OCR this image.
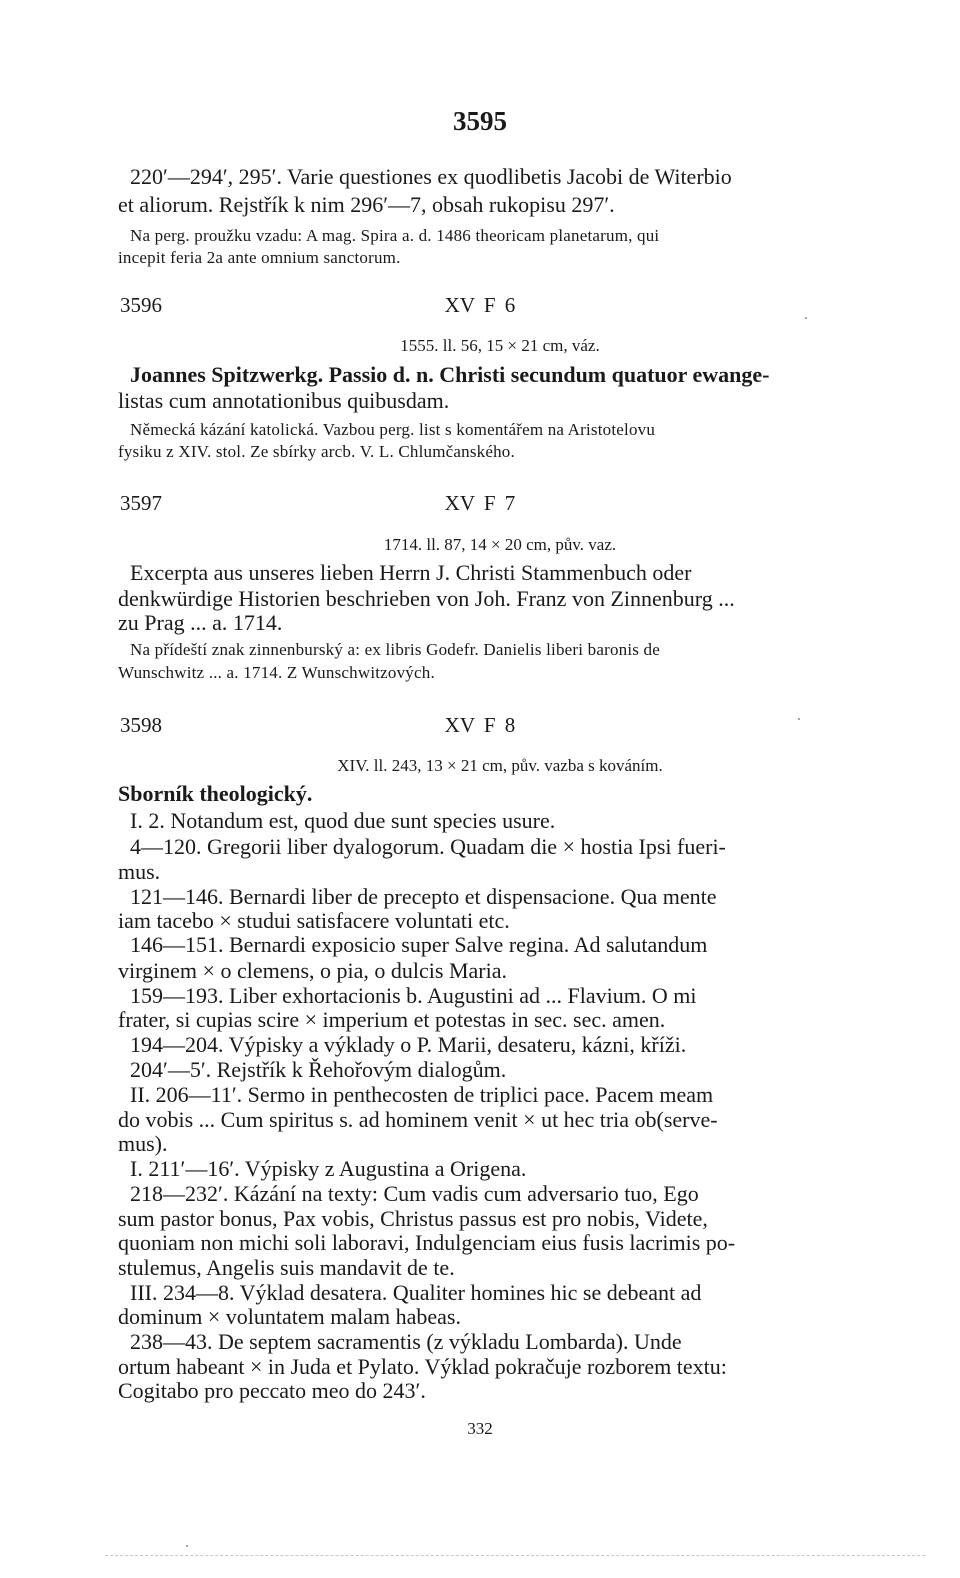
3595
220′—294′, 295′. Varie questiones ex quodlibetis Jacobi de Witerbio
et aliorum. Rejstřík k nim 296′—7, obsah rukopisu 297′.
Na perg. proužku vzadu: A mag. Spira a. d. 1486 theoricam planetarum, qui
incepit feria 2a ante omnium sanctorum.
3596	XV F 6
1555. ll. 56, 15 × 21 cm, váz.
Joannes Spitzwerkg. Passio d. n. Christi secundum quatuor ewange-
listas cum annotationibus quibusdam.
Německá kázání katolická. Vazbou perg. list s komentářem na Aristotelovu
fysiku z XIV. stol. Ze sbírky arcb. V. L. Chlumčanského.
3597	XV F 7
1714. ll. 87, 14 × 20 cm, pův. vaz.
Excerpta aus unseres lieben Herrn J. Christi Stammenbuch oder
denkwürdige Historien beschrieben von Joh. Franz von Zinnenburg ...
zu Prag ... a. 1714.
Na přídeští znak zinnenburský a: ex libris Godefr. Danielis liberi baronis de
Wunschwitz ... a. 1714. Z Wunschwitzových.
3598	XV F 8
XIV. ll. 243, 13 × 21 cm, pův. vazba s kováním.
Sborník theologický.
I. 2. Notandum est, quod due sunt species usure.
4—120. Gregorii liber dyalogorum. Quadam die × hostia Ipsi fueri-
mus.
121—146. Bernardi liber de precepto et dispensacione. Qua mente
iam tacebo × studui satisfacere voluntati etc.
146—151. Bernardi exposicio super Salve regina. Ad salutandum
virginem × o clemens, o pia, o dulcis Maria.
159—193. Liber exhortacionis b. Augustini ad ... Flavium. O mi
frater, si cupias scire × imperium et potestas in sec. sec. amen.
194—204. Výpisky a výklady o P. Marii, desateru, kázni, kříži.
204′—5′. Rejstřík k Řehořovým dialogům.
II. 206—11′. Sermo in penthecosten de triplici pace. Pacem meam
do vobis ... Cum spiritus s. ad hominem venit × ut hec tria ob(serve-
mus).
I. 211′—16′. Výpisky z Augustina a Origena.
218—232′. Kázání na texty: Cum vadis cum adversario tuo, Ego
sum pastor bonus, Pax vobis, Christus passus est pro nobis, Videte,
quoniam non michi soli laboravi, Indulgenciam eius fusis lacrimis po-
stulemus, Angelis suis mandavit de te.
III. 234—8. Výklad desatera. Qualiter homines hic se debeant ad
dominum × voluntatem malam habeas.
238—43. De septem sacramentis (z výkladu Lombarda). Unde
ortum habeant × in Juda et Pylato. Výklad pokračuje rozborem textu:
Cogitabo pro peccato meo do 243′.
332
